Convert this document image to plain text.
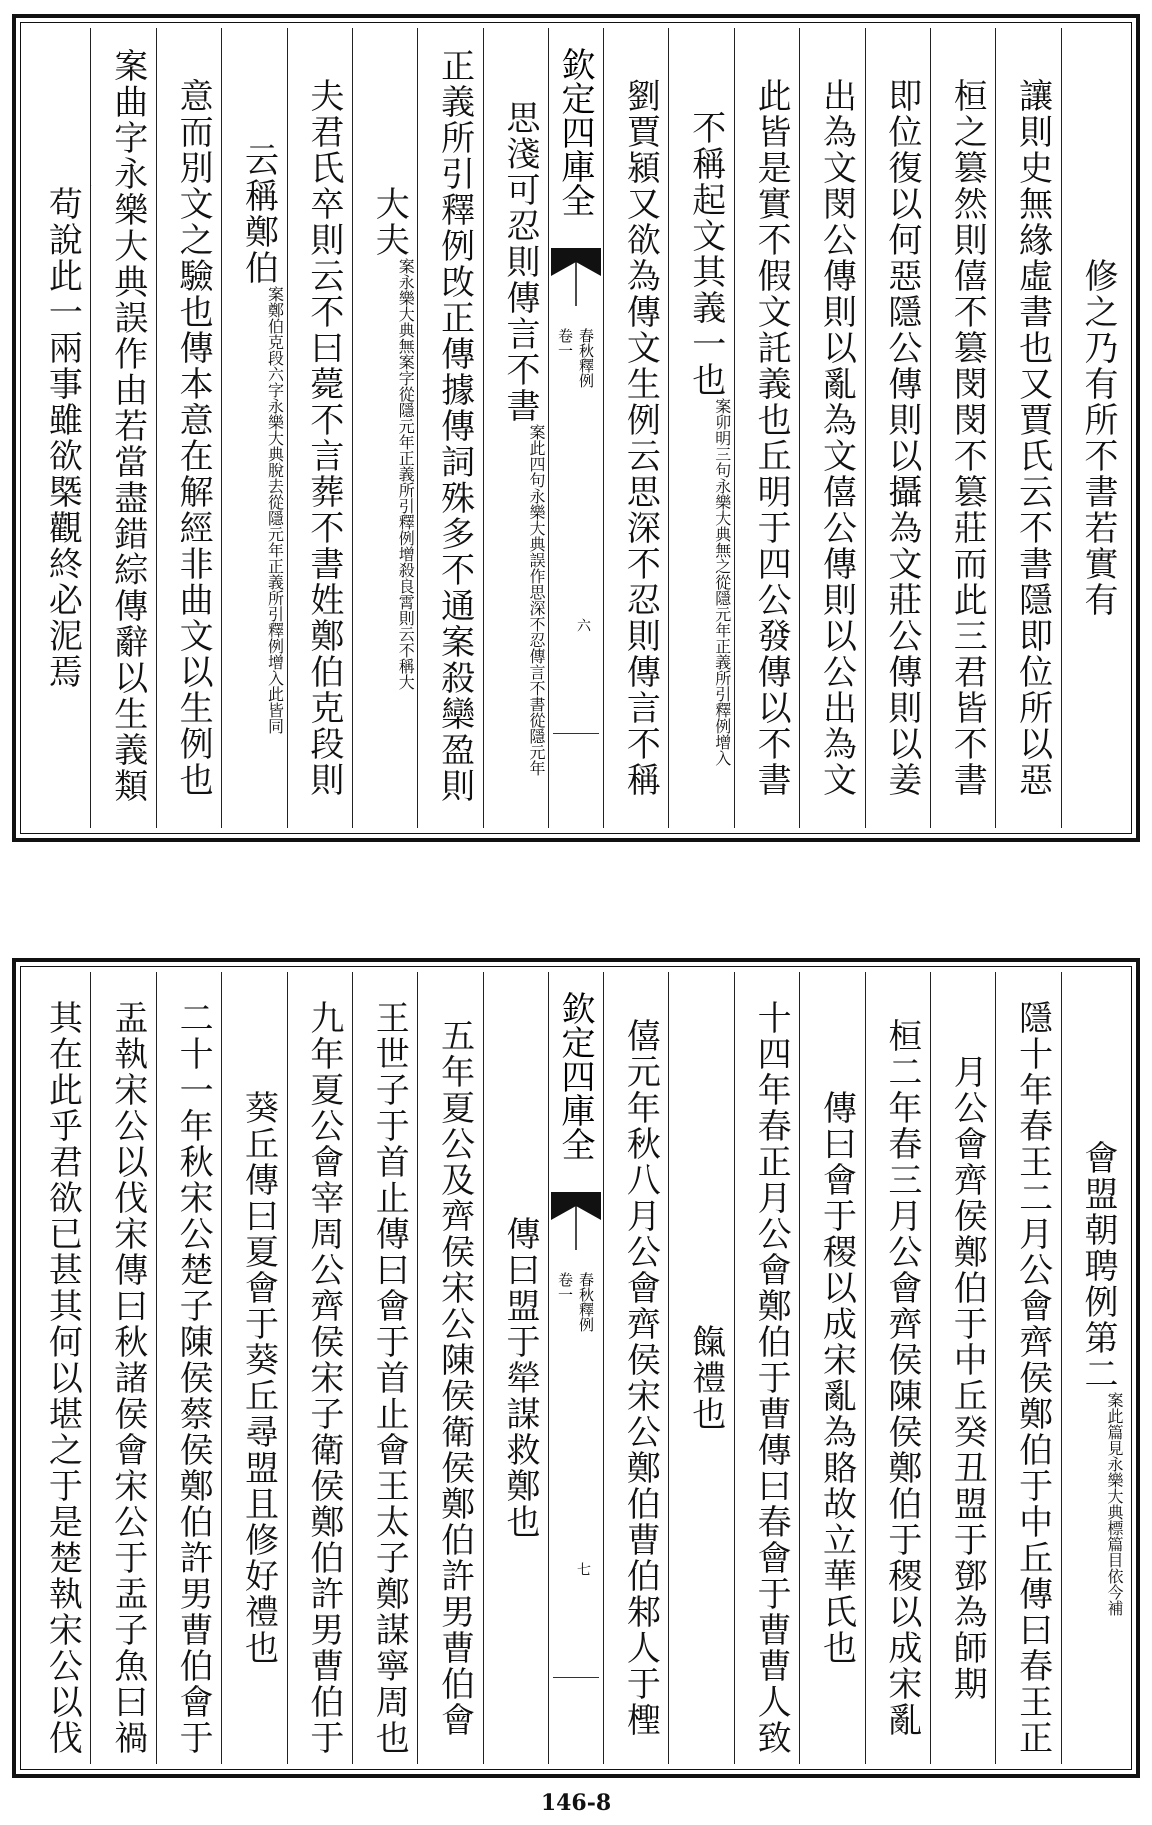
修之乃有所不書若實有
讓則史無緣虛書也又賈氏云不書隱即位所以惡
桓之篡然則僖不篡閔閔不篡莊而此三君皆不書
即位復以何惡隱公傳則以攝為文莊公傳則以姜
出為文閔公傳則以亂為文僖公傳則以公出為文
此皆是實不假文託義也丘明于四公發傳以不書
不稱起文其義一也
案卯明三句永樂大典無之從隱元年正義所引釋例增入
劉賈潁又欲為傳文生例云思深不忍則傳言不稱
欽定四庫全
春秋釋例
卷一
六
思淺可忍則傳言不書
案此四句永樂大典誤作思深不忍傳言不書從隱元年
正義所引釋例攺正傳據傳詞殊多不通案殺欒盈則
大夫
案永樂大典無案字從隱元年正義所引釋例增殺良霄則云不稱大
夫君氏卒則云不曰薨不言葬不書姓鄭伯克段則
云稱鄭伯
案鄭伯克段六字永樂大典脫去從隱元年正義所引釋例增入此皆同
意而別文之驗也傳本意在解經非曲文以生例也
案曲字永樂大典誤作由若當盡錯綜傳辭以生義類
苟說此一兩事雖欲槩觀終必泥焉
會盟朝聘例第二
案此篇見永樂大典標篇目依今補
隱十年春王二月公會齊侯鄭伯于中丘傳曰春王正
月公會齊侯鄭伯于中丘癸丑盟于鄧為師期
桓二年春三月公會齊侯陳侯鄭伯于稷以成宋亂
傳曰會于稷以成宋亂為賂故立華氏也
十四年春正月公會鄭伯于曹傳曰春會于曹曹人致
餼禮也
僖元年秋八月公會齊侯宋公鄭伯曹伯邾人于檉
欽定四庫全
春秋釋例
卷一
七
傳曰盟于犖謀救鄭也
五年夏公及齊侯宋公陳侯衛侯鄭伯許男曹伯會
王世子于首止傳曰會于首止會王太子鄭謀寧周也
九年夏公會宰周公齊侯宋子衛侯鄭伯許男曹伯于
葵丘傳曰夏會于葵丘尋盟且修好禮也
二十一年秋宋公楚子陳侯蔡侯鄭伯許男曹伯會于
盂執宋公以伐宋傳曰秋諸侯會宋公于盂子魚曰禍
其在此乎君欲已甚其何以堪之于是楚執宋公以伐
146-8
